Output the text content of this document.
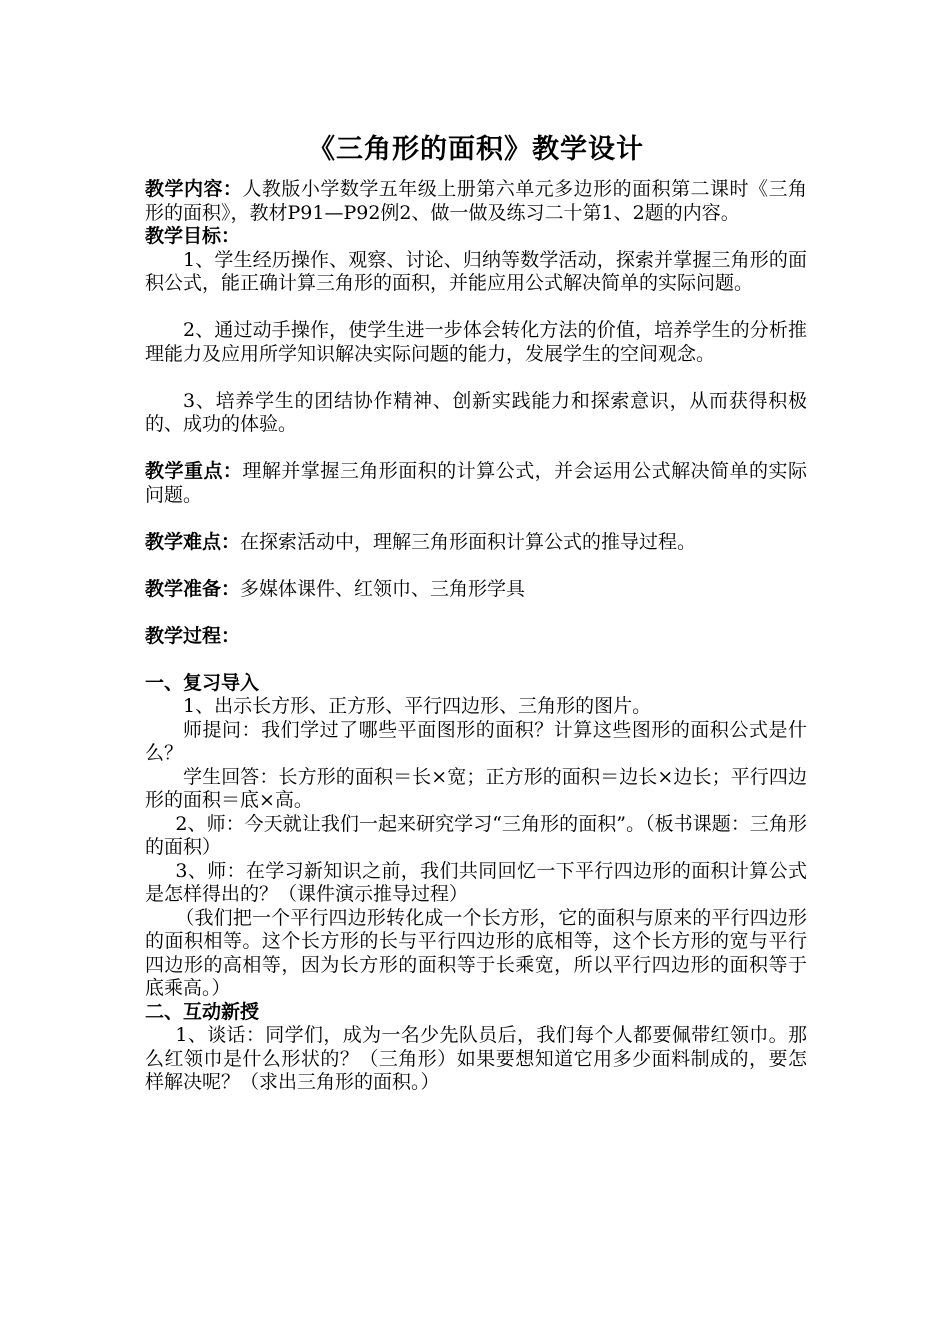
《三角形的面积》教学设计

教学内容：人教版小学数学五年级上册第六单元多边形的面积第二课时《三角形的面积》，教材P91—P92例2、做一做及练习二十第1、2题的内容。

教学目标：

1、学生经历操作、观察、讨论、归纳等数学活动，探索并掌握三角形的面积公式，能正确计算三角形的面积，并能应用公式解决简单的实际问题。

2、通过动手操作，使学生进一步体会转化方法的价值，培养学生的分析推理能力及应用所学知识解决实际问题的能力，发展学生的空间观念。

3、培养学生的团结协作精神、创新实践能力和探索意识，从而获得积极的、成功的体验。

教学重点：理解并掌握三角形面积的计算公式，并会运用公式解决简单的实际问题。

教学难点：在探索活动中，理解三角形面积计算公式的推导过程。

教学准备：多媒体课件、红领巾、三角形学具

教学过程：

一、复习导入

1、出示长方形、正方形、平行四边形、三角形的图片。

师提问：我们学过了哪些平面图形的面积？计算这些图形的面积公式是什么？

学生回答：长方形的面积＝长×宽；正方形的面积＝边长×边长；平行四边形的面积＝底×高。

2、师：今天就让我们一起来研究学习“三角形的面积”。（板书课题：三角形的面积）

3、师：在学习新知识之前，我们共同回忆一下平行四边形的面积计算公式是怎样得出的？（课件演示推导过程）

（我们把一个平行四边形转化成一个长方形，它的面积与原来的平行四边形的面积相等。这个长方形的长与平行四边形的底相等，这个长方形的宽与平行四边形的高相等，因为长方形的面积等于长乘宽，所以平行四边形的面积等于底乘高。）

二、互动新授

1、谈话：同学们，成为一名少先队员后，我们每个人都要佩带红领巾。那么红领巾是什么形状的？（三角形）如果要想知道它用多少面料制成的，要怎样解决呢？（求出三角形的面积。）
